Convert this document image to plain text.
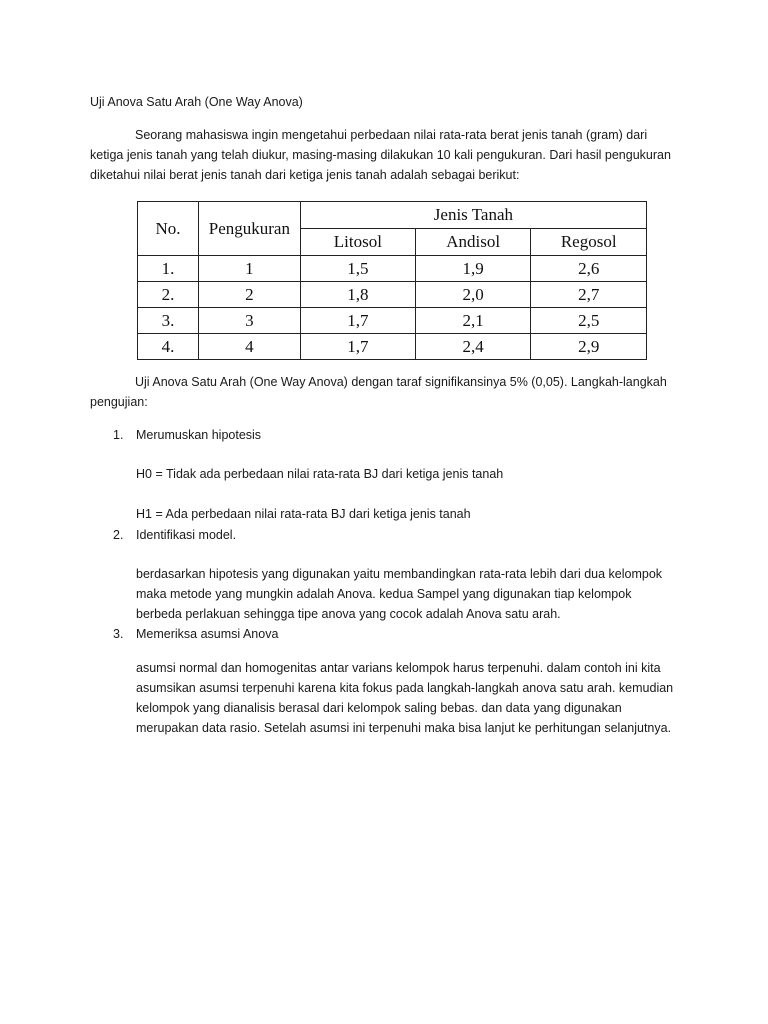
Uji Anova Satu Arah (One Way Anova)
Seorang mahasiswa ingin mengetahui perbedaan nilai rata-rata berat jenis tanah (gram) dari
ketiga jenis tanah yang telah diukur, masing-masing dilakukan 10 kali pengukuran. Dari hasil pengukuran
diketahui nilai berat jenis tanah dari ketiga jenis tanah adalah sebagai berikut:
No.	Pengukuran	Jenis Tanah		
		Litosol	Andisol	Regosol
1.	1	1,5	1,9	2,6
2.	2	1,8	2,0	2,7
3.	3	1,7	2,1	2,5
4.	4	1,7	2,4	2,9
Uji Anova Satu Arah (One Way Anova) dengan taraf signifikansinya 5% (0,05). Langkah-langkah
pengujian:
1. Merumuskan hipotesis
H0 = Tidak ada perbedaan nilai rata-rata BJ dari ketiga jenis tanah
H1 = Ada perbedaan nilai rata-rata BJ dari ketiga jenis tanah
2. Identifikasi model.
berdasarkan hipotesis yang digunakan yaitu membandingkan rata-rata lebih dari dua kelompok
maka metode yang mungkin adalah Anova. kedua Sampel yang digunakan tiap kelompok
berbeda perlakuan sehingga tipe anova yang cocok adalah Anova satu arah.
3. Memeriksa asumsi Anova
asumsi normal dan homogenitas antar varians kelompok harus terpenuhi. dalam contoh ini kita
asumsikan asumsi terpenuhi karena kita fokus pada langkah-langkah anova satu arah. kemudian
kelompok yang dianalisis berasal dari kelompok saling bebas. dan data yang digunakan
merupakan data rasio. Setelah asumsi ini terpenuhi maka bisa lanjut ke perhitungan selanjutnya.
